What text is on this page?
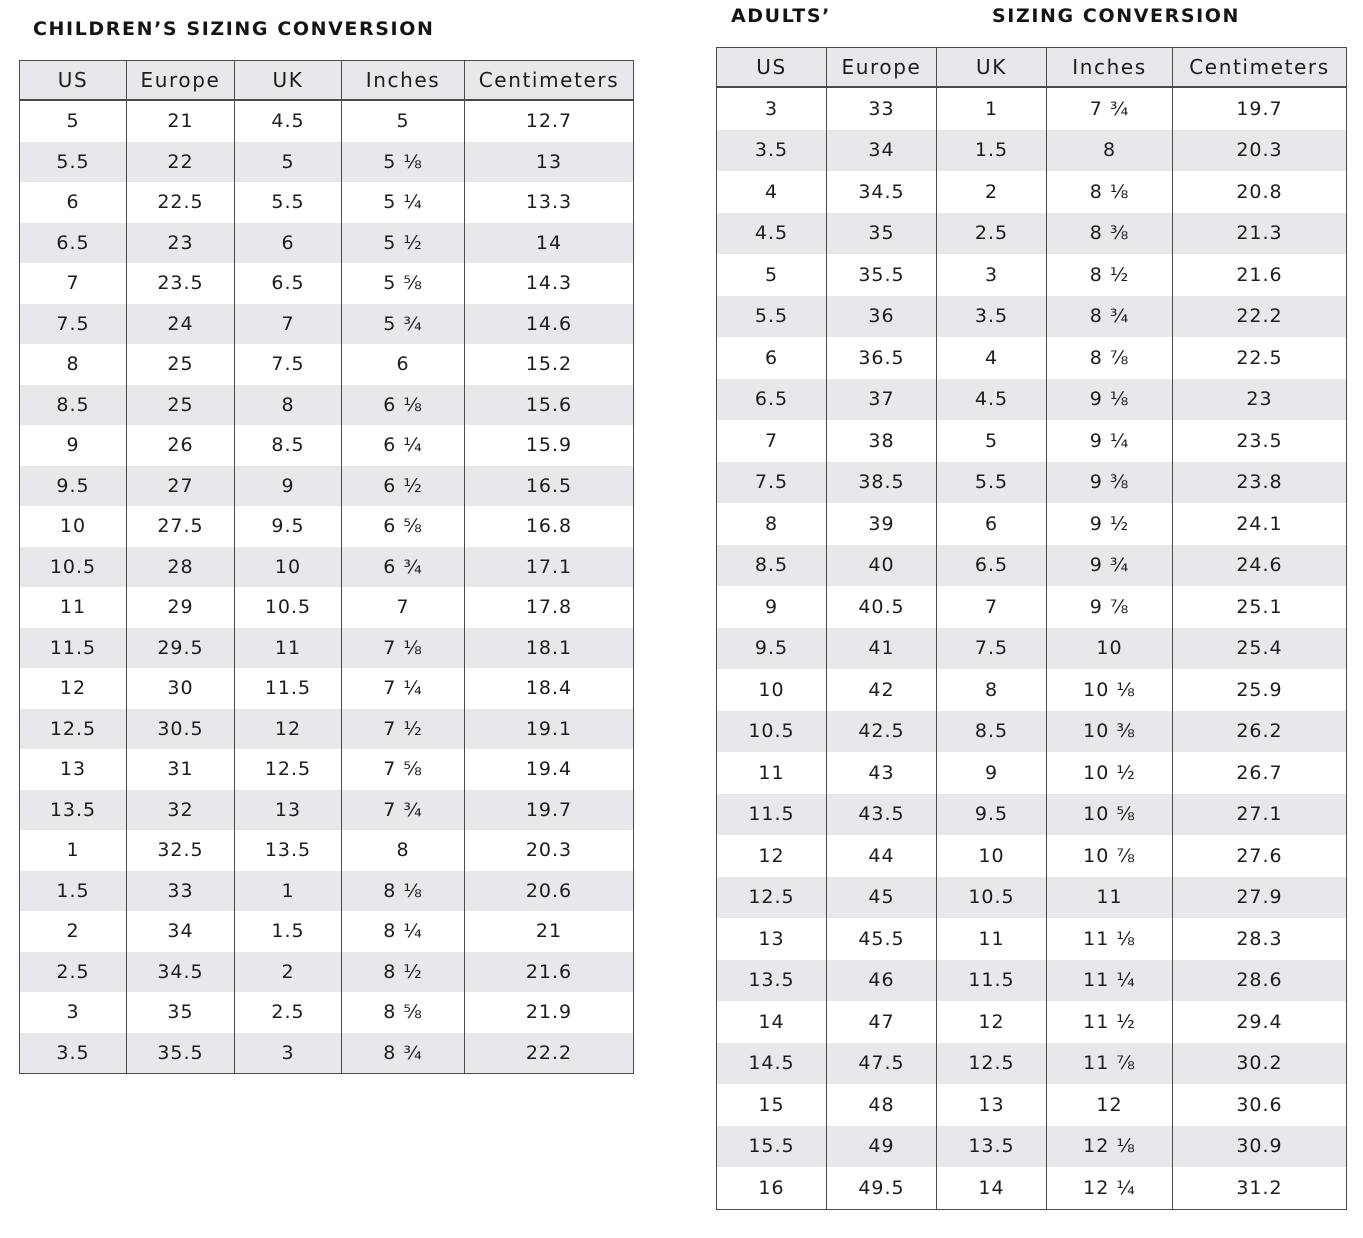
CHILDREN’S SIZING CONVERSION
ADULTS’	SIZING CONVERSION
US	Europe	UK	Inches	Centimeters
5	21	4.5	5	12.7
5.5	22	5	5 ⅛	13
6	22.5	5.5	5 ¼	13.3
6.5	23	6	5 ½	14
7	23.5	6.5	5 ⅝	14.3
7.5	24	7	5 ¾	14.6
8	25	7.5	6	15.2
8.5	25	8	6 ⅛	15.6
9	26	8.5	6 ¼	15.9
9.5	27	9	6 ½	16.5
10	27.5	9.5	6 ⅝	16.8
10.5	28	10	6 ¾	17.1
11	29	10.5	7	17.8
11.5	29.5	11	7 ⅛	18.1
12	30	11.5	7 ¼	18.4
12.5	30.5	12	7 ½	19.1
13	31	12.5	7 ⅝	19.4
13.5	32	13	7 ¾	19.7
1	32.5	13.5	8	20.3
1.5	33	1	8 ⅛	20.6
2	34	1.5	8 ¼	21
2.5	34.5	2	8 ½	21.6
3	35	2.5	8 ⅝	21.9
3.5	35.5	3	8 ¾	22.2
US	Europe	UK	Inches	Centimeters
3	33	1	7 ¾	19.7
3.5	34	1.5	8	20.3
4	34.5	2	8 ⅛	20.8
4.5	35	2.5	8 ⅜	21.3
5	35.5	3	8 ½	21.6
5.5	36	3.5	8 ¾	22.2
6	36.5	4	8 ⅞	22.5
6.5	37	4.5	9 ⅛	23
7	38	5	9 ¼	23.5
7.5	38.5	5.5	9 ⅜	23.8
8	39	6	9 ½	24.1
8.5	40	6.5	9 ¾	24.6
9	40.5	7	9 ⅞	25.1
9.5	41	7.5	10	25.4
10	42	8	10 ⅛	25.9
10.5	42.5	8.5	10 ⅜	26.2
11	43	9	10 ½	26.7
11.5	43.5	9.5	10 ⅝	27.1
12	44	10	10 ⅞	27.6
12.5	45	10.5	11	27.9
13	45.5	11	11 ⅛	28.3
13.5	46	11.5	11 ¼	28.6
14	47	12	11 ½	29.4
14.5	47.5	12.5	11 ⅞	30.2
15	48	13	12	30.6
15.5	49	13.5	12 ⅛	30.9
16	49.5	14	12 ¼	31.2
